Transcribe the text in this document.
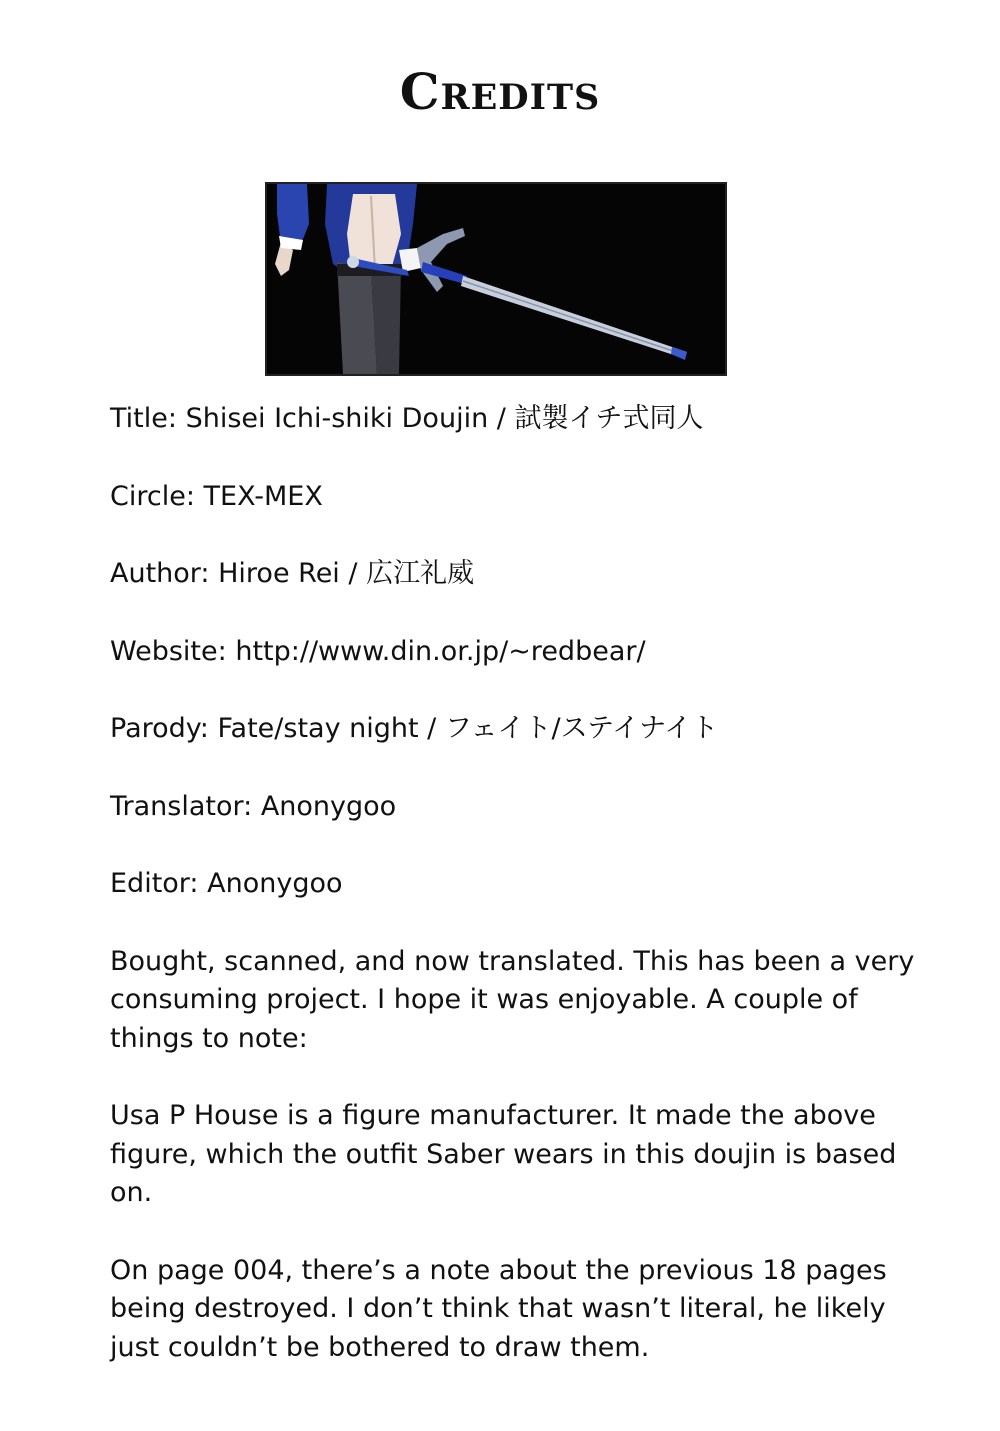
Credits

Title: Shisei Ichi-shiki Doujin / 試製イチ式同人

Circle: TEX-MEX

Author: Hiroe Rei / 広江礼威

Website: http://www.din.or.jp/~redbear/

Parody: Fate/stay night / フェイト/ステイナイト

Translator: Anonygoo

Editor: Anonygoo

Bought, scanned, and now translated. This has been a very consuming project. I hope it was enjoyable. A couple of things to note:

Usa P House is a figure manufacturer. It made the above figure, which the outfit Saber wears in this doujin is based on.

On page 004, there’s a note about the previous 18 pages being destroyed. I don’t think that wasn’t literal, he likely just couldn’t be bothered to draw them.
